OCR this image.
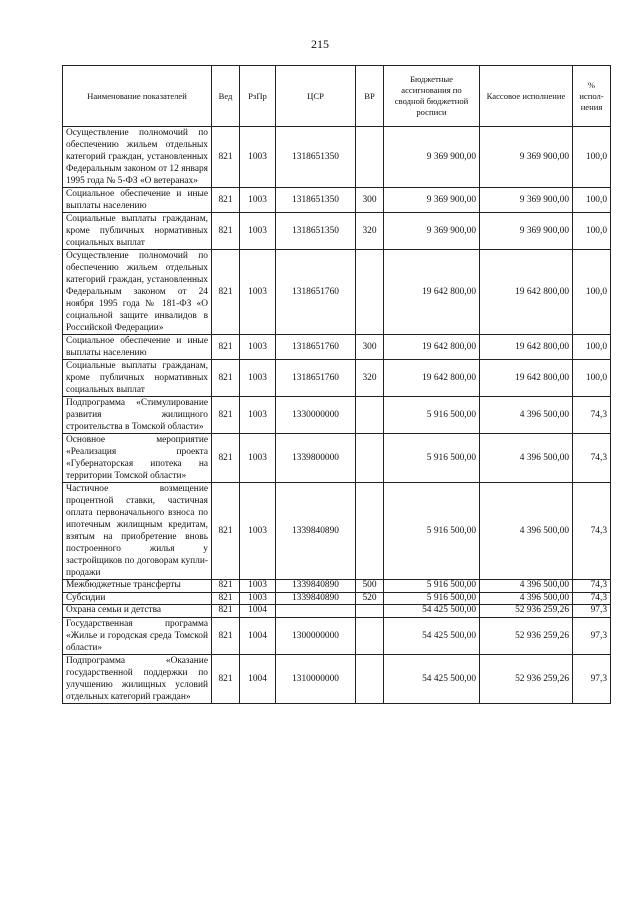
215
Наименование показателей	Вед	РзПр	ЦСР	ВР	Бюджетные ассигнования по сводной бюджетной росписи	Кассовое исполнение	% испол-нения
Осуществление полномочий по обеспечению жильем отдельных категорий граждан, установленных Федеральным законом от 12 января 1995 года № 5-ФЗ «О ветеранах»	821	1003	1318651350		9 369 900,00	9 369 900,00	100,0
Социальное обеспечение и иные выплаты населению	821	1003	1318651350	300	9 369 900,00	9 369 900,00	100,0
Социальные выплаты гражданам, кроме публичных нормативных социальных выплат	821	1003	1318651350	320	9 369 900,00	9 369 900,00	100,0
Осуществление полномочий по обеспечению жильем отдельных категорий граждан, установленных Федеральным законом от 24 ноября 1995 года № 181-ФЗ «О социальной защите инвалидов в Российской Федерации»	821	1003	1318651760		19 642 800,00	19 642 800,00	100,0
Социальное обеспечение и иные выплаты населению	821	1003	1318651760	300	19 642 800,00	19 642 800,00	100,0
Социальные выплаты гражданам, кроме публичных нормативных социальных выплат	821	1003	1318651760	320	19 642 800,00	19 642 800,00	100,0
Подпрограмма «Стимулирование развития жилищного строительства в Томской области»	821	1003	1330000000		5 916 500,00	4 396 500,00	74,3
Основное мероприятие «Реализация проекта «Губернаторская ипотека на территории Томской области»	821	1003	1339800000		5 916 500,00	4 396 500,00	74,3
Частичное возмещение процентной ставки, частичная оплата первоначального взноса по ипотечным жилищным кредитам, взятым на приобретение вновь построенного жилья у застройщиков по договорам купли-продажи	821	1003	1339840890		5 916 500,00	4 396 500,00	74,3
Межбюджетные трансферты	821	1003	1339840890	500	5 916 500,00	4 396 500,00	74,3
Субсидии	821	1003	1339840890	520	5 916 500,00	4 396 500,00	74,3
Охрана семьи и детства	821	1004			54 425 500,00	52 936 259,26	97,3
Государственная программа «Жилье и городская среда Томской области»	821	1004	1300000000		54 425 500,00	52 936 259,26	97,3
Подпрограмма «Оказание государственной поддержки по улучшению жилищных условий отдельных категорий граждан»	821	1004	1310000000		54 425 500,00	52 936 259,26	97,3
